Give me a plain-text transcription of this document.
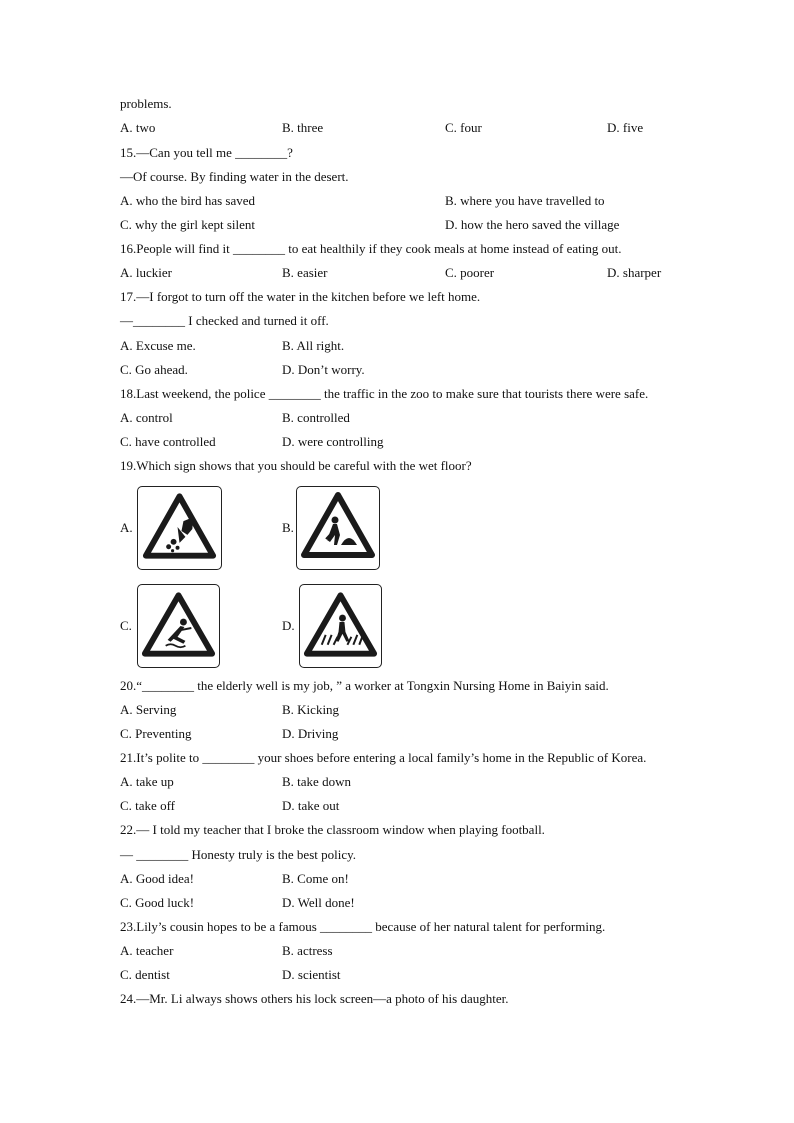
problems.
A. two	B. three	C. four	D. five
15.—Can you tell me ________?
—Of course. By finding water in the desert.
A. who the bird has saved	B. where you have travelled to
C. why the girl kept silent	D. how the hero saved the village
16.People will find it ________ to eat healthily if they cook meals at home instead of eating out.
A. luckier	B. easier	C. poorer	D. sharper
17.—I forgot to turn off the water in the kitchen before we left home.
—________ I checked and turned it off.
A. Excuse me.	B. All right.
C. Go ahead.	D. Don’t worry.
18.Last weekend, the police ________ the traffic in the zoo to make sure that tourists there were safe.
A. control	B. controlled
C. have controlled	D. were controlling
19.Which sign shows that you should be careful with the wet floor?
A.	B.
C.	D.
20.“________ the elderly well is my job, ” a worker at Tongxin Nursing Home in Baiyin said.
A. Serving	B. Kicking
C. Preventing	D. Driving
21.It’s polite to ________ your shoes before entering a local family’s home in the Republic of Korea.
A. take up	B. take down
C. take off	D. take out
22.— I told my teacher that I broke the classroom window when playing football.
— ________ Honesty truly is the best policy.
A. Good idea!	B. Come on!
C. Good luck!	D. Well done!
23.Lily’s cousin hopes to be a famous ________ because of her natural talent for performing.
A. teacher	B. actress
C. dentist	D. scientist
24.—Mr. Li always shows others his lock screen—a photo of his daughter.
